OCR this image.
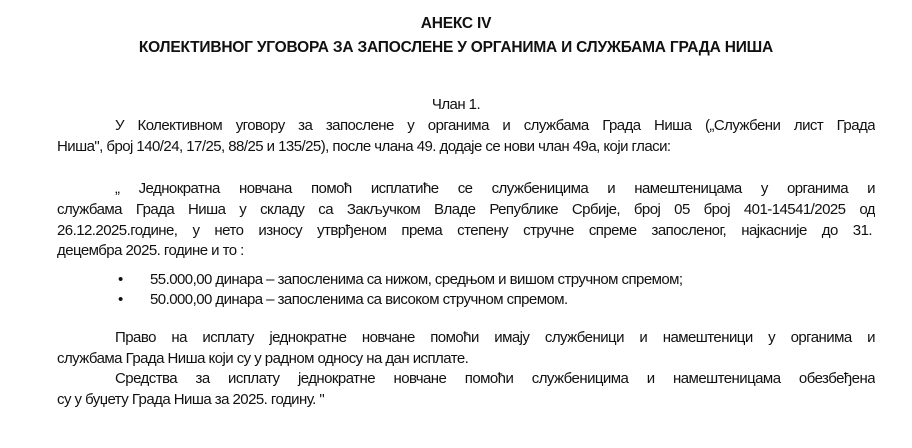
АНЕКС IV
КОЛЕКТИВНОГ УГОВОРА ЗА ЗАПОСЛЕНЕ У ОРГАНИМА И СЛУЖБАМА ГРАДА НИША
Члан 1.
У Колективном уговору за запослене у органима и службама Града Ниша („Службени лист Града
Ниша", број 140/24, 17/25, 88/25 и 135/25), после члана 49. додаје се нови члан 49а, који гласи:
„ Једнократна новчана помоћ исплатиће се службеницима и намештеницама у органима и
службама Града Ниша у складу са Закључком Владе Републике Србије, број 05 број 401-14541/2025 од
26.12.2025.године, у нето износу утврђеном према степену стручне спреме запосленог, најкасније до 31.
децембра 2025. године и то :
• 55.000,00 динара – запосленима са нижом, средњом и вишом стручном спремом;
• 50.000,00 динара – запосленима са високом стручном спремом.
Право на исплату једнократне новчане помоћи имају службеници и намештеници у органима и
службама Града Ниша који су у радном односу на дан исплате.
Средства за исплату једнократне новчане помоћи службеницима и намештеницама обезбеђена
су у буџету Града Ниша за 2025. годину. "
